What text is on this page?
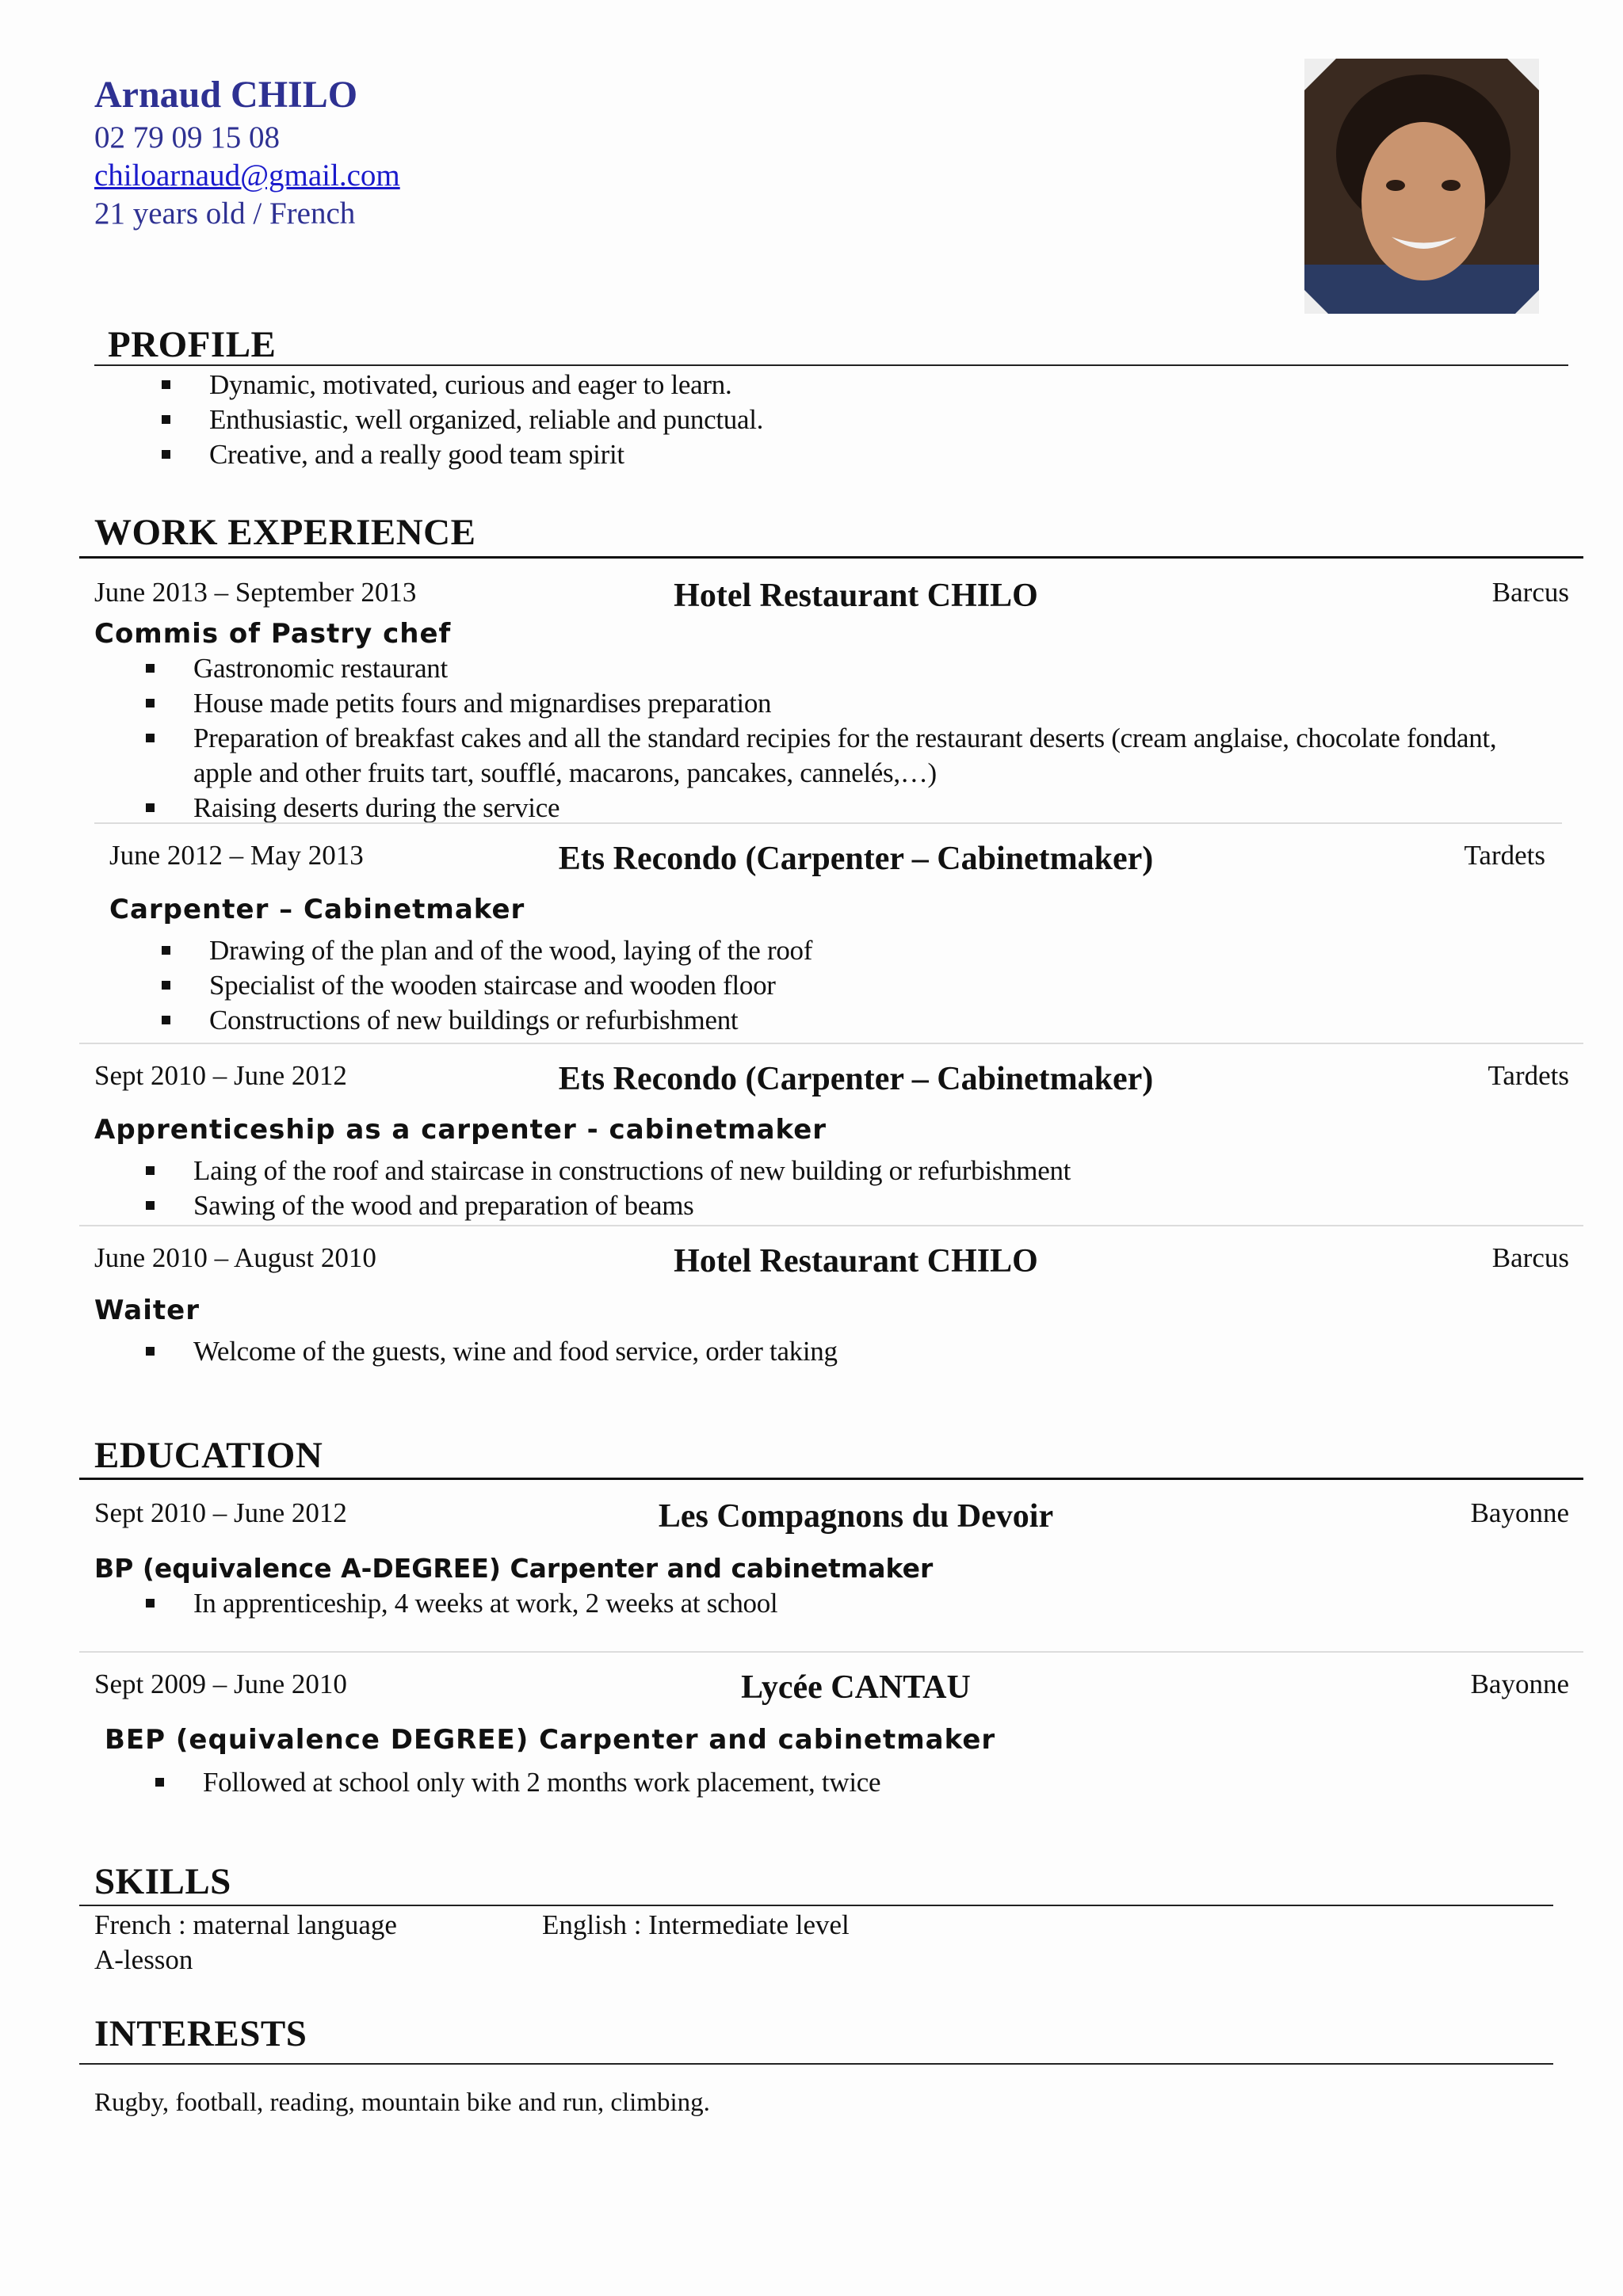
Arnaud CHILO
02 79 09 15 08
chiloarnaud@gmail.com
21 years old / French
PROFILE
Dynamic, motivated, curious and eager to learn.
Enthusiastic, well organized, reliable and punctual.
Creative, and a really good team spirit
WORK EXPERIENCE
June 2013 – September 2013	Hotel Restaurant CHILO	Barcus
Commis of Pastry chef
Gastronomic restaurant
House made petits fours and mignardises preparation
Preparation of breakfast cakes and all the standard recipies for the restaurant deserts (cream anglaise, chocolate fondant, apple and other fruits tart, soufflé, macarons, pancakes, cannelés,…)
Raising deserts during the service
June 2012 – May 2013	Ets Recondo (Carpenter – Cabinetmaker)	Tardets
Carpenter – Cabinetmaker
Drawing of the plan and of the wood, laying of the roof
Specialist of the wooden staircase and wooden floor
Constructions of new buildings or refurbishment
Sept 2010 – June 2012	Ets Recondo (Carpenter – Cabinetmaker)	Tardets
Apprenticeship as a carpenter - cabinetmaker
Laing of the roof and staircase in constructions of new building or refurbishment
Sawing of the wood and preparation of beams
June 2010 – August 2010	Hotel Restaurant CHILO	Barcus
Waiter
Welcome of the guests, wine and food service, order taking
EDUCATION
Sept 2010 – June 2012	Les Compagnons du Devoir	Bayonne
BP (equivalence A-DEGREE) Carpenter and cabinetmaker
In apprenticeship, 4 weeks at work, 2 weeks at school
Sept 2009 – June 2010	Lycée CANTAU	Bayonne
BEP (equivalence DEGREE) Carpenter and cabinetmaker
Followed at school only with 2 months work placement, twice
SKILLS
French : maternal language	English : Intermediate level
A-lesson
INTERESTS
Rugby, football, reading, mountain bike and run, climbing.
